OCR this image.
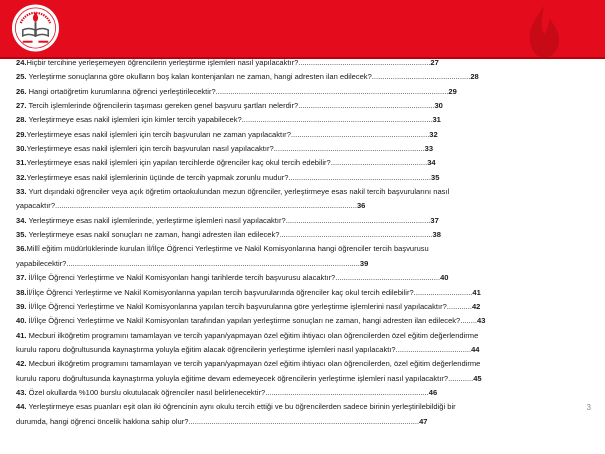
24.Hiçbir tercihine yerleşemeyen öğrencilerin yerleştirme işlemleri nasıl yapılacaktır?...............................................................27
25. Yerleştirme sonuçlarına göre okulların boş kalan kontenjanları ne zaman, hangi adresten ilan edilecek?...............................................28
26. Hangi ortaöğretim kurumlarına öğrenci yerleştirilecektir?...............................................................................................................29
27. Tercih işlemlerinde öğrencilerin taşıması gereken genel başvuru şartları nelerdir?.................................................................30
28. Yerleştirmeye esas nakil işlemleri için kimler tercih yapabilecek?...........................................................................................31
29.Yerleştirmeye esas nakil işlemleri için tercih başvuruları ne zaman yapılacaktır?..................................................................32
30.Yerleştirmeye esas nakil işlemleri için tercih başvuruları nasıl yapılacaktır?........................................................................33
31.Yerleştirmeye esas nakil işlemleri için yapılan tercihlerde öğrenciler kaç okul tercih edebilir?..............................................34
32.Yerleştirmeye esas nakil işlemlerinin üçünde de tercih yapmak zorunlu mudur?....................................................................35
33. Yurt dışındaki öğrenciler veya açık öğretim ortaokulundan mezun öğrenciler, yerleştirmeye esas nakil tercih başvurularını nasıl
yapacaktır?................................................................................................................................................36
34. Yerleştirmeye esas nakil işlemlerinde, yerleştirme işlemleri nasıl yapılacaktır?.....................................................................37
35. Yerleştirmeye esas nakil sonuçları ne zaman, hangi adresten ilan edilecek?.........................................................................38
36.Millî eğitim müdürlüklerinde kurulan İl/İlçe Öğrenci Yerleştirme ve Nakil Komisyonlarına hangi öğrenciler tercih başvurusu
yapabilecektir?............................................................................................................................................39
37. İl/İlçe Öğrenci Yerleştirme ve Nakil Komisyonları hangi tarihlerde tercih başvurusu alacaktır?..................................................40
38.İl/İlçe Öğrenci Yerleştirme ve Nakil Komisyonlarına yapılan tercih başvurularında öğrenciler kaç okul tercih edilebilir?............................41
39. İl/İlçe Öğrenci Yerleştirme ve Nakil Komisyonlarına yapılan tercih başvurularına göre yerleştirme işlemlerini nasıl yapılacaktır?............42
40. İl/İlçe Öğrenci Yerleştirme ve Nakil Komisyonları tarafından yapılan yerleştirme sonuçları ne zaman, hangi adresten ilan edilecek?........43
41. Mecburi ilköğretim programını tamamlayan ve tercih yapan/yapmayan özel eğitim ihtiyacı olan öğrencilerden özel eğitim değerlendirme
kurulu raporu doğrultusunda kaynaştırma yoluyla eğitim alacak öğrencilerin yerleştirme işlemleri nasıl yapılacaktı?....................................44
42. Mecburi ilköğretim programını tamamlayan ve tercih yapan/yapmayan özel eğitim ihtiyacı olan öğrencilerden, özel eğitim değerlendirme
kurulu raporu doğrultusunda kaynaştırma yoluyla eğitime devam edemeyecek öğrencilerin yerleştirme işlemleri nasıl yapılacaktır?............45
43. Özel okullarda %100 burslu okutulacak öğrenciler nasıl belirlenecektir?..............................................................................46
44. Yerleştirmeye esas puanları eşit olan iki öğrencinin aynı okulu tercih ettiği ve bu öğrencilerden sadece birinin yerleştirilebildiği bir
durumda, hangi öğrenci öncelik hakkına sahip olur?..............................................................................................................47
3
